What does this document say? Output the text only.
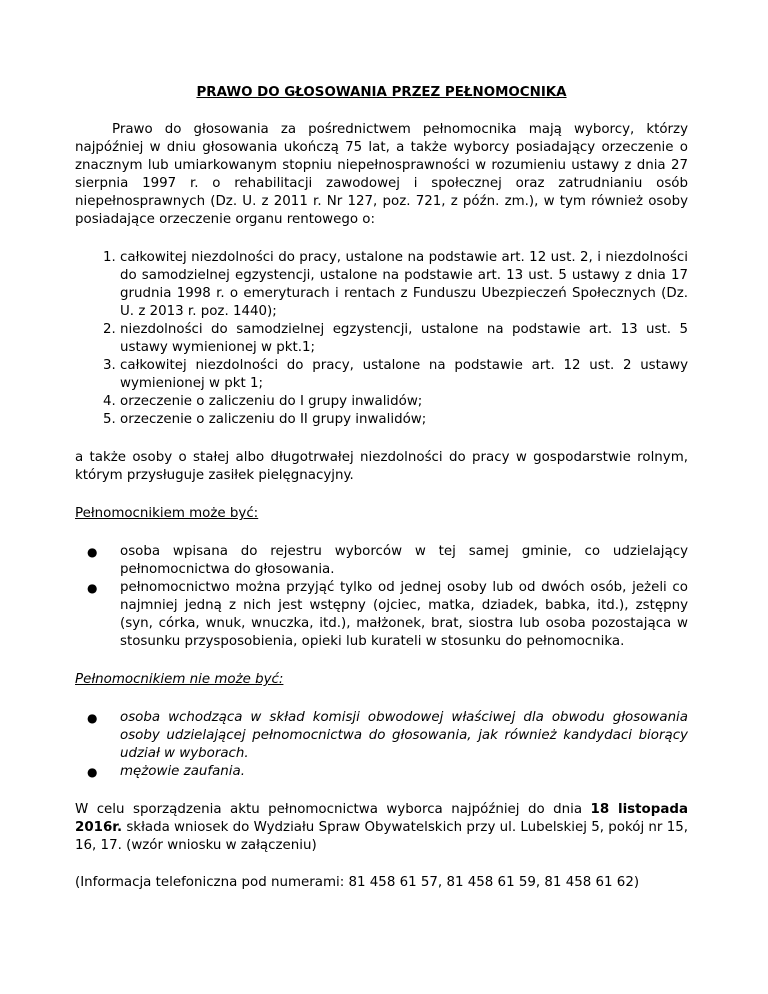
PRAWO DO GŁOSOWANIA PRZEZ PEŁNOMOCNIKA

Prawo do głosowania za pośrednictwem pełnomocnika mają wyborcy, którzy najpóźniej w dniu głosowania ukończą 75 lat, a także wyborcy posiadający orzeczenie o znacznym lub umiarkowanym stopniu niepełnosprawności w rozumieniu ustawy z dnia 27 sierpnia 1997 r. o rehabilitacji zawodowej i społecznej oraz zatrudnianiu osób niepełnosprawnych (Dz. U. z 2011 r. Nr 127, poz. 721, z późn. zm.), w tym również osoby posiadające orzeczenie organu rentowego o:

1. całkowitej niezdolności do pracy, ustalone na podstawie art. 12 ust. 2, i niezdolności do samodzielnej egzystencji, ustalone na podstawie art. 13 ust. 5 ustawy z dnia 17 grudnia 1998 r. o emeryturach i rentach z Funduszu Ubezpieczeń Społecznych (Dz. U. z 2013 r. poz. 1440);
2. niezdolności do samodzielnej egzystencji, ustalone na podstawie art. 13 ust. 5 ustawy wymienionej w pkt.1;
3. całkowitej niezdolności do pracy, ustalone na podstawie art. 12 ust. 2 ustawy wymienionej w pkt 1;
4. orzeczenie o zaliczeniu do I grupy inwalidów;
5. orzeczenie o zaliczeniu do II grupy inwalidów;

a także osoby o stałej albo długotrwałej niezdolności do pracy w gospodarstwie rolnym, którym przysługuje zasiłek pielęgnacyjny.

Pełnomocnikiem może być:
● osoba wpisana do rejestru wyborców w tej samej gminie, co udzielający pełnomocnictwa do głosowania.
● pełnomocnictwo można przyjąć tylko od jednej osoby lub od dwóch osób, jeżeli co najmniej jedną z nich jest wstępny (ojciec, matka, dziadek, babka, itd.), zstępny (syn, córka, wnuk, wnuczka, itd.), małżonek, brat, siostra lub osoba pozostająca w stosunku przysposobienia, opieki lub kurateli w stosunku do pełnomocnika.
Pełnomocnikiem nie może być:
● osoba wchodząca w skład komisji obwodowej właściwej dla obwodu głosowania osoby udzielającej pełnomocnictwa do głosowania, jak również kandydaci biorący udział w wyborach.
● mężowie zaufania.

W celu sporządzenia aktu pełnomocnictwa wyborca najpóźniej do dnia 18 listopada 2016r. składa wniosek do Wydziału Spraw Obywatelskich przy ul. Lubelskiej 5, pokój nr 15, 16, 17. (wzór wniosku w załączeniu)

(Informacja telefoniczna pod numerami: 81 458 61 57, 81 458 61 59, 81 458 61 62)
